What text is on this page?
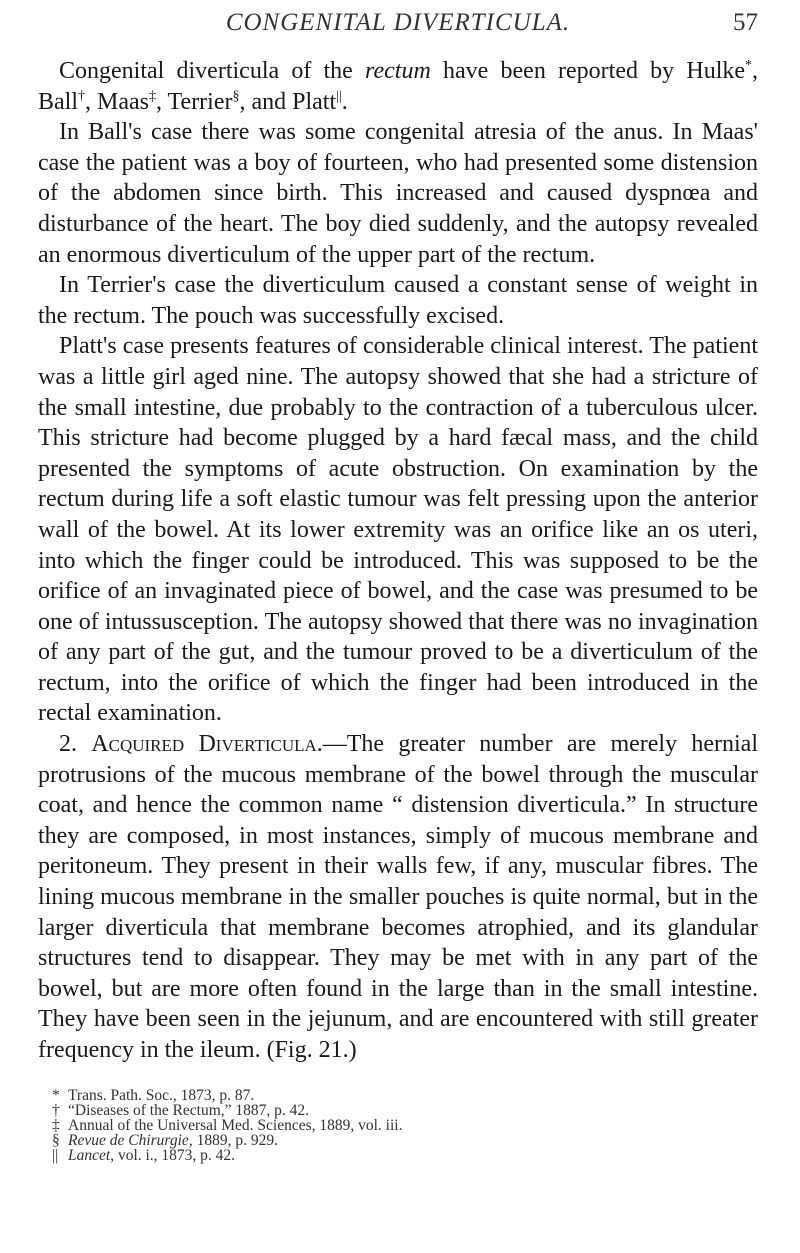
CONGENITAL DIVERTICULA.	57

Congenital diverticula of the rectum have been reported by Hulke*, Ball†, Maas‡, Terrier§, and Platt||.

In Ball's case there was some congenital atresia of the anus. In Maas' case the patient was a boy of fourteen, who had presented some distension of the abdomen since birth. This increased and caused dyspnœa and disturbance of the heart. The boy died suddenly, and the autopsy revealed an enormous diverticulum of the upper part of the rectum.

In Terrier's case the diverticulum caused a constant sense of weight in the rectum. The pouch was successfully excised.

Platt's case presents features of considerable clinical interest. The patient was a little girl aged nine. The autopsy showed that she had a stricture of the small intestine, due probably to the contraction of a tuberculous ulcer. This stricture had become plugged by a hard fæcal mass, and the child presented the symptoms of acute obstruction. On examination by the rectum during life a soft elastic tumour was felt pressing upon the anterior wall of the bowel. At its lower extremity was an orifice like an os uteri, into which the finger could be introduced. This was supposed to be the orifice of an invaginated piece of bowel, and the case was presumed to be one of intussusception. The autopsy showed that there was no invagination of any part of the gut, and the tumour proved to be a diverticulum of the rectum, into the orifice of which the finger had been introduced in the rectal examination.

2. Acquired Diverticula.—The greater number are merely hernial protrusions of the mucous membrane of the bowel through the muscular coat, and hence the common name “ distension diverticula.” In structure they are composed, in most instances, simply of mucous membrane and peritoneum. They present in their walls few, if any, muscular fibres. The lining mucous membrane in the smaller pouches is quite normal, but in the larger diverticula that membrane becomes atrophied, and its glandular structures tend to disappear. They may be met with in any part of the bowel, but are more often found in the large than in the small intestine. They have been seen in the jejunum, and are encountered with still greater frequency in the ileum. (Fig. 21.)

* Trans. Path. Soc., 1873, p. 87.
† “Diseases of the Rectum,” 1887, p. 42.
‡ Annual of the Universal Med. Sciences, 1889, vol. iii.
§ Revue de Chirurgie, 1889, p. 929.
|| Lancet, vol. i., 1873, p. 42.
